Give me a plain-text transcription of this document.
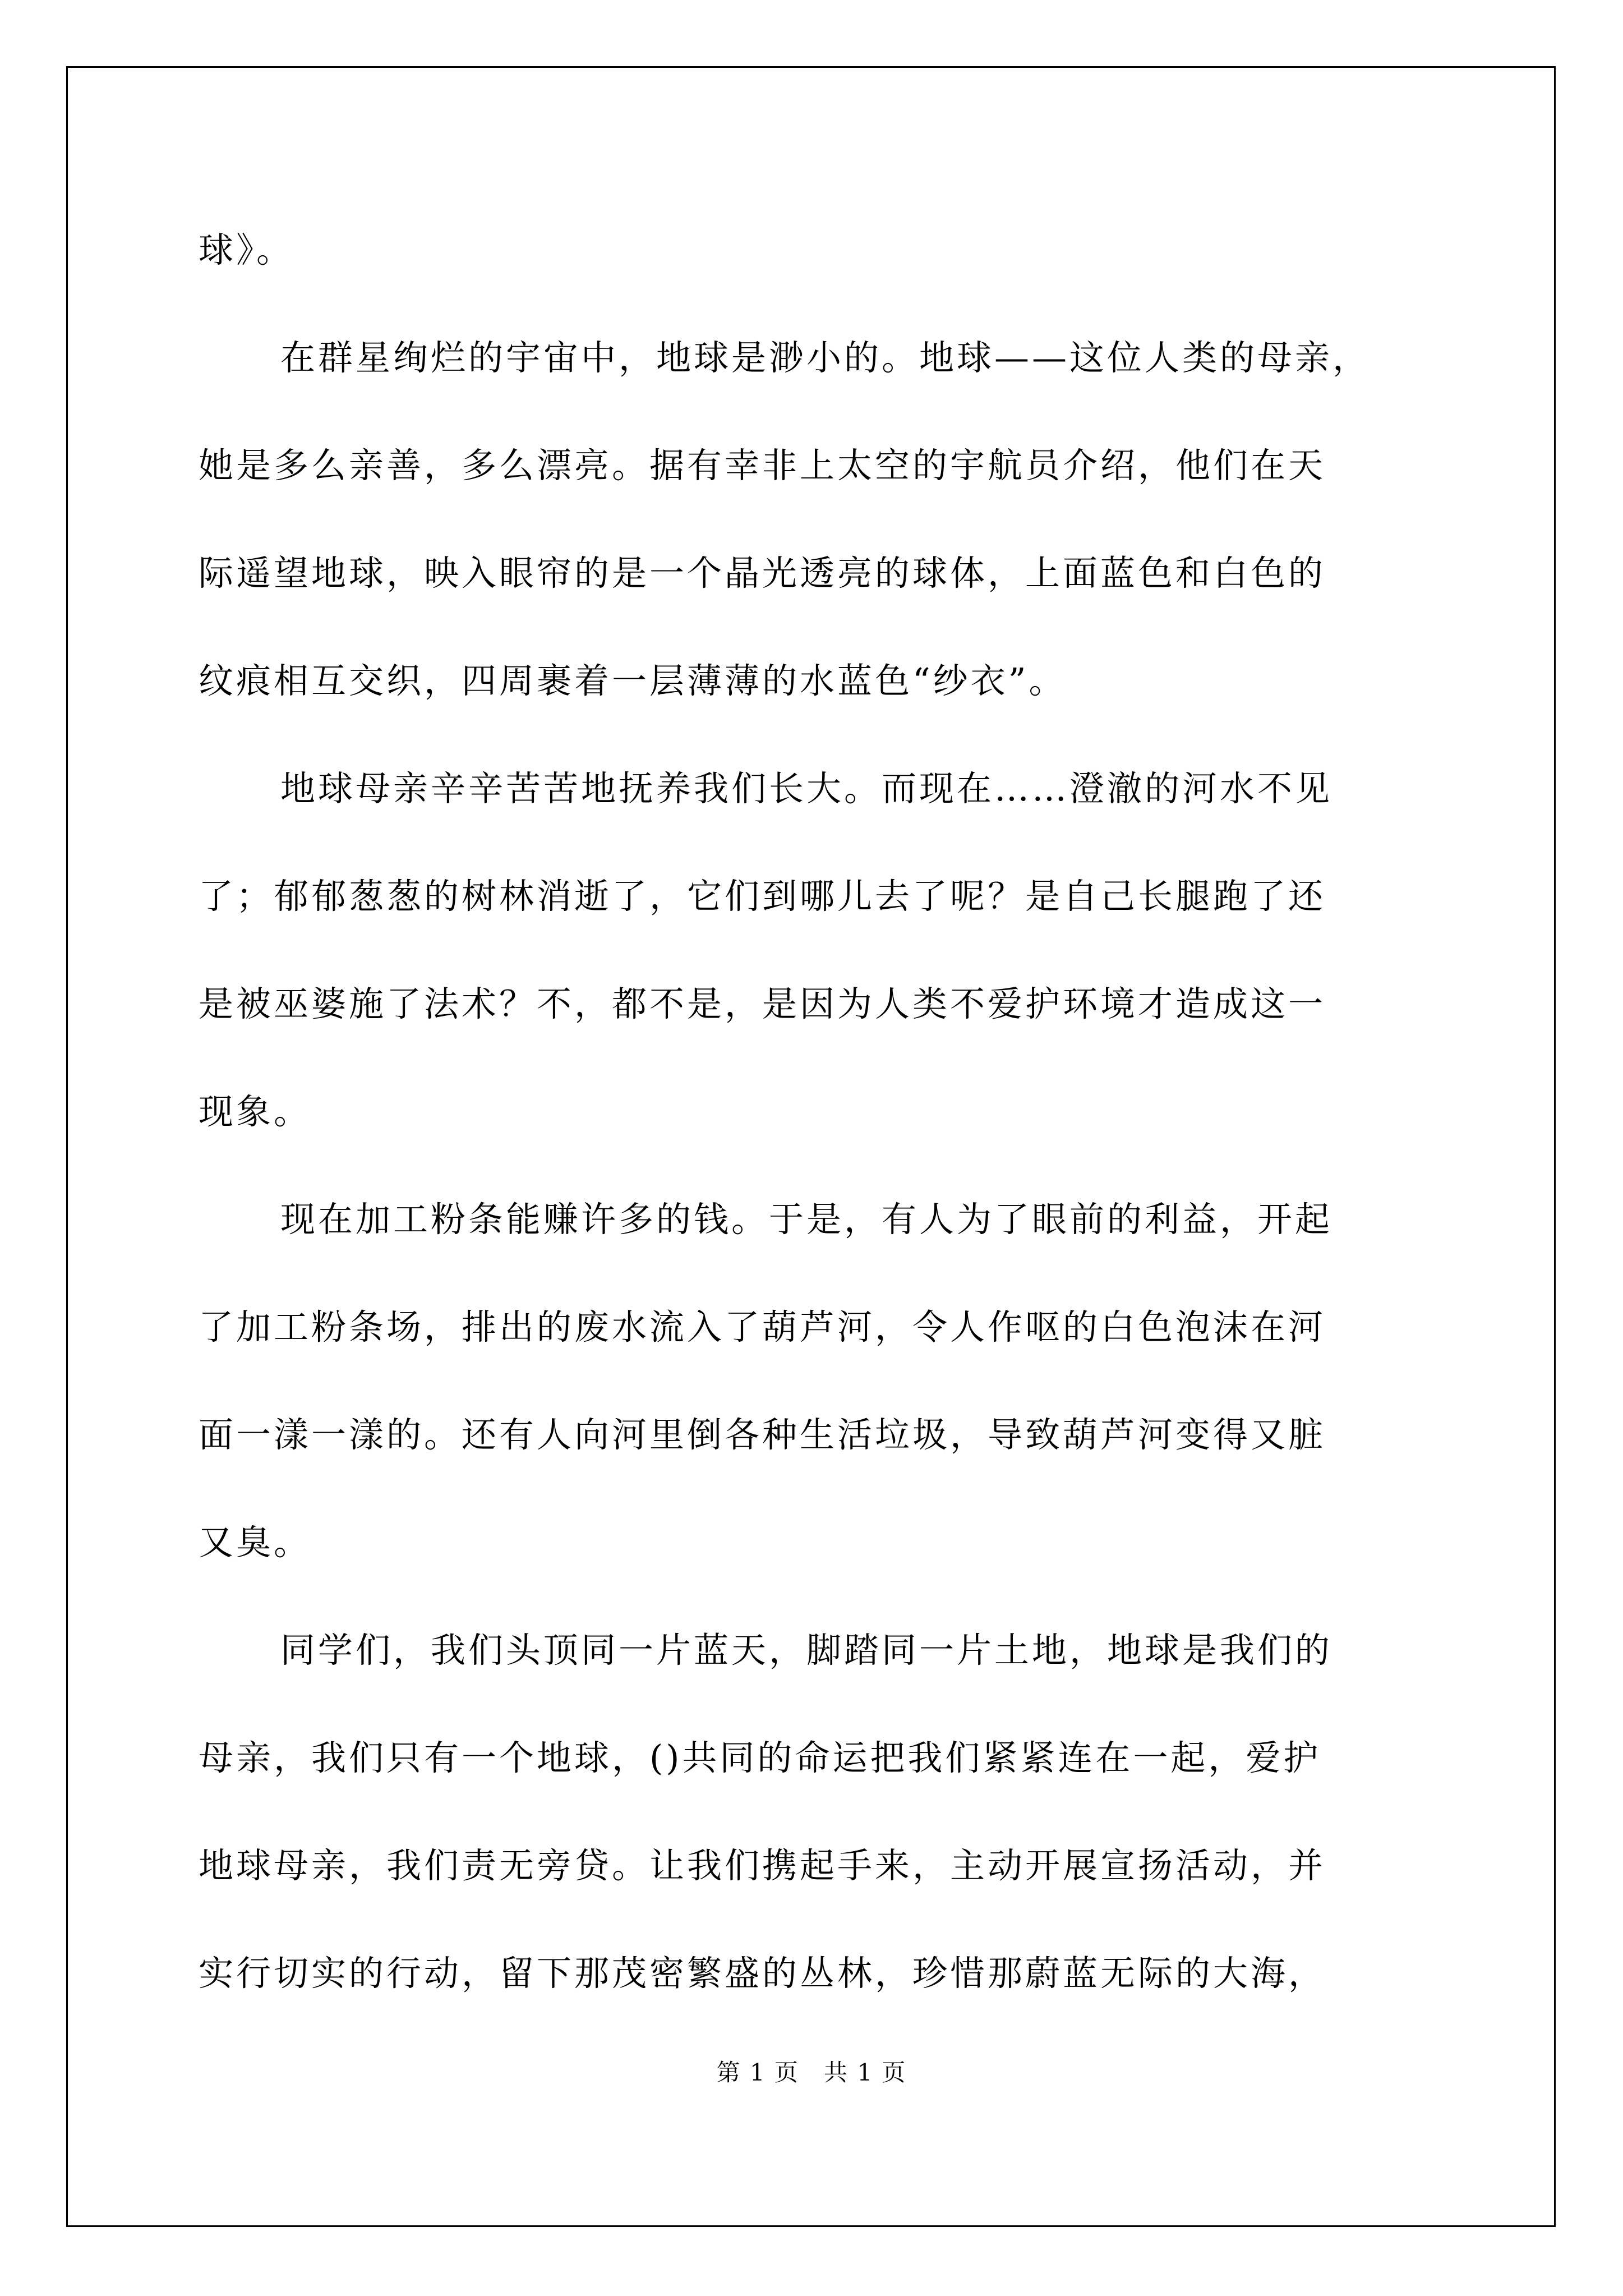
球》。
在群星绚烂的宇宙中，地球是渺小的。地球——这位人类的母亲，
她是多么亲善，多么漂亮。据有幸非上太空的宇航员介绍，他们在天
际遥望地球，映入眼帘的是一个晶光透亮的球体，上面蓝色和白色的
纹痕相互交织，四周裹着一层薄薄的水蓝色“纱衣”。
地球母亲辛辛苦苦地抚养我们长大。而现在……澄澈的河水不见
了；郁郁葱葱的树林消逝了，它们到哪儿去了呢？是自己长腿跑了还
是被巫婆施了法术？不，都不是，是因为人类不爱护环境才造成这一
现象。
现在加工粉条能赚许多的钱。于是，有人为了眼前的利益，开起
了加工粉条场，排出的废水流入了葫芦河，令人作呕的白色泡沫在河
面一漾一漾的。还有人向河里倒各种生活垃圾，导致葫芦河变得又脏
又臭。
同学们，我们头顶同一片蓝天，脚踏同一片土地，地球是我们的
母亲，我们只有一个地球，()共同的命运把我们紧紧连在一起，爱护
地球母亲，我们责无旁贷。让我们携起手来，主动开展宣扬活动，并
实行切实的行动，留下那茂密繁盛的丛林，珍惜那蔚蓝无际的大海，
第 1 页　共 1 页
